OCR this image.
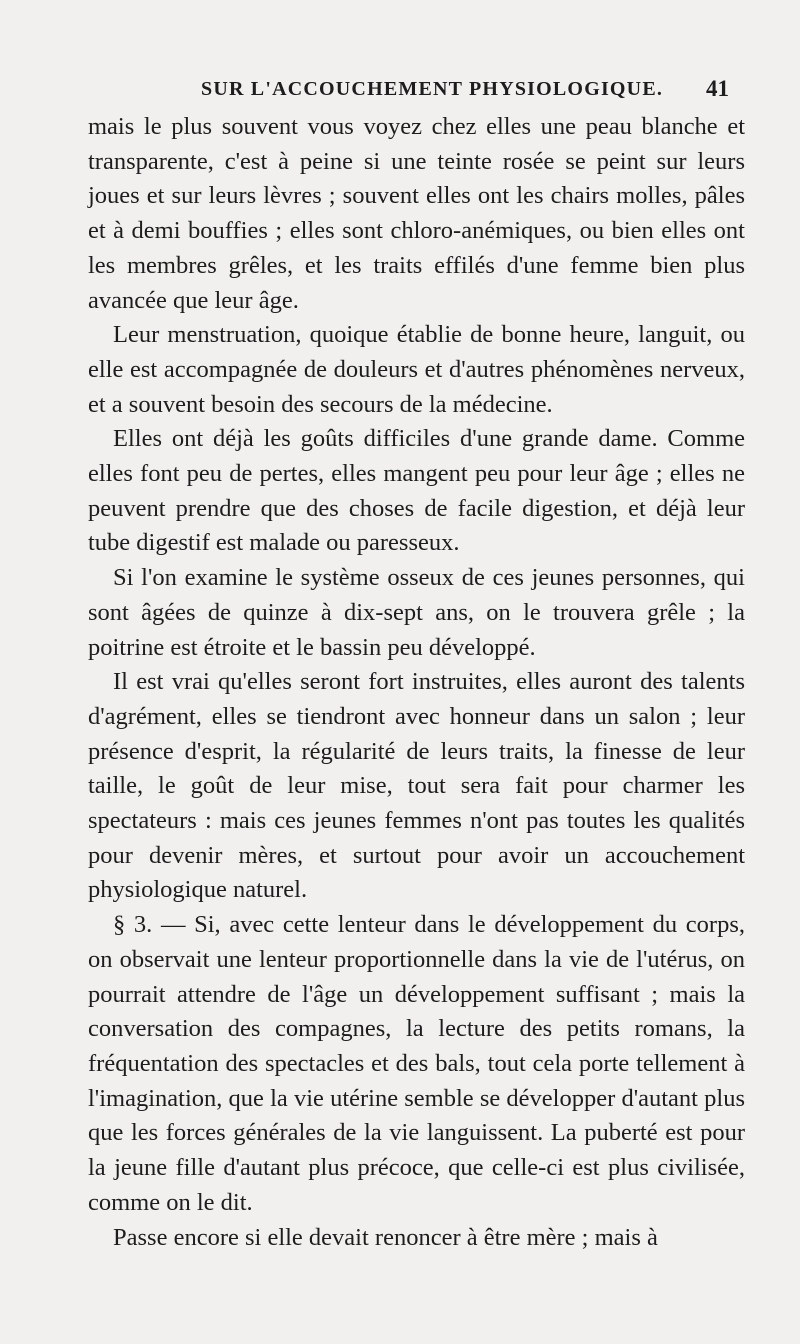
SUR L'ACCOUCHEMENT PHYSIOLOGIQUE. 41

mais le plus souvent vous voyez chez elles une peau blanche et transparente, c'est à peine si une teinte rosée se peint sur leurs joues et sur leurs lèvres ; souvent elles ont les chairs molles, pâles et à demi bouffies ; elles sont chloro-anémiques, ou bien elles ont les membres grêles, et les traits effilés d'une femme bien plus avancée que leur âge.

Leur menstruation, quoique établie de bonne heure, languit, ou elle est accompagnée de douleurs et d'autres phénomènes nerveux, et a souvent besoin des secours de la médecine.

Elles ont déjà les goûts difficiles d'une grande dame. Comme elles font peu de pertes, elles mangent peu pour leur âge ; elles ne peuvent prendre que des choses de facile digestion, et déjà leur tube digestif est malade ou paresseux.

Si l'on examine le système osseux de ces jeunes personnes, qui sont âgées de quinze à dix-sept ans, on le trouvera grêle ; la poitrine est étroite et le bassin peu développé.

Il est vrai qu'elles seront fort instruites, elles auront des talents d'agrément, elles se tiendront avec honneur dans un salon ; leur présence d'esprit, la régularité de leurs traits, la finesse de leur taille, le goût de leur mise, tout sera fait pour charmer les spectateurs : mais ces jeunes femmes n'ont pas toutes les qualités pour devenir mères, et surtout pour avoir un accouchement physiologique naturel.

§ 3. — Si, avec cette lenteur dans le développement du corps, on observait une lenteur proportionnelle dans la vie de l'utérus, on pourrait attendre de l'âge un développement suffisant ; mais la conversation des compagnes, la lecture des petits romans, la fréquentation des spectacles et des bals, tout cela porte tellement à l'imagination, que la vie utérine semble se développer d'autant plus que les forces générales de la vie languissent. La puberté est pour la jeune fille d'autant plus précoce, que celle-ci est plus civilisée, comme on le dit.

Passe encore si elle devait renoncer à être mère ; mais à
